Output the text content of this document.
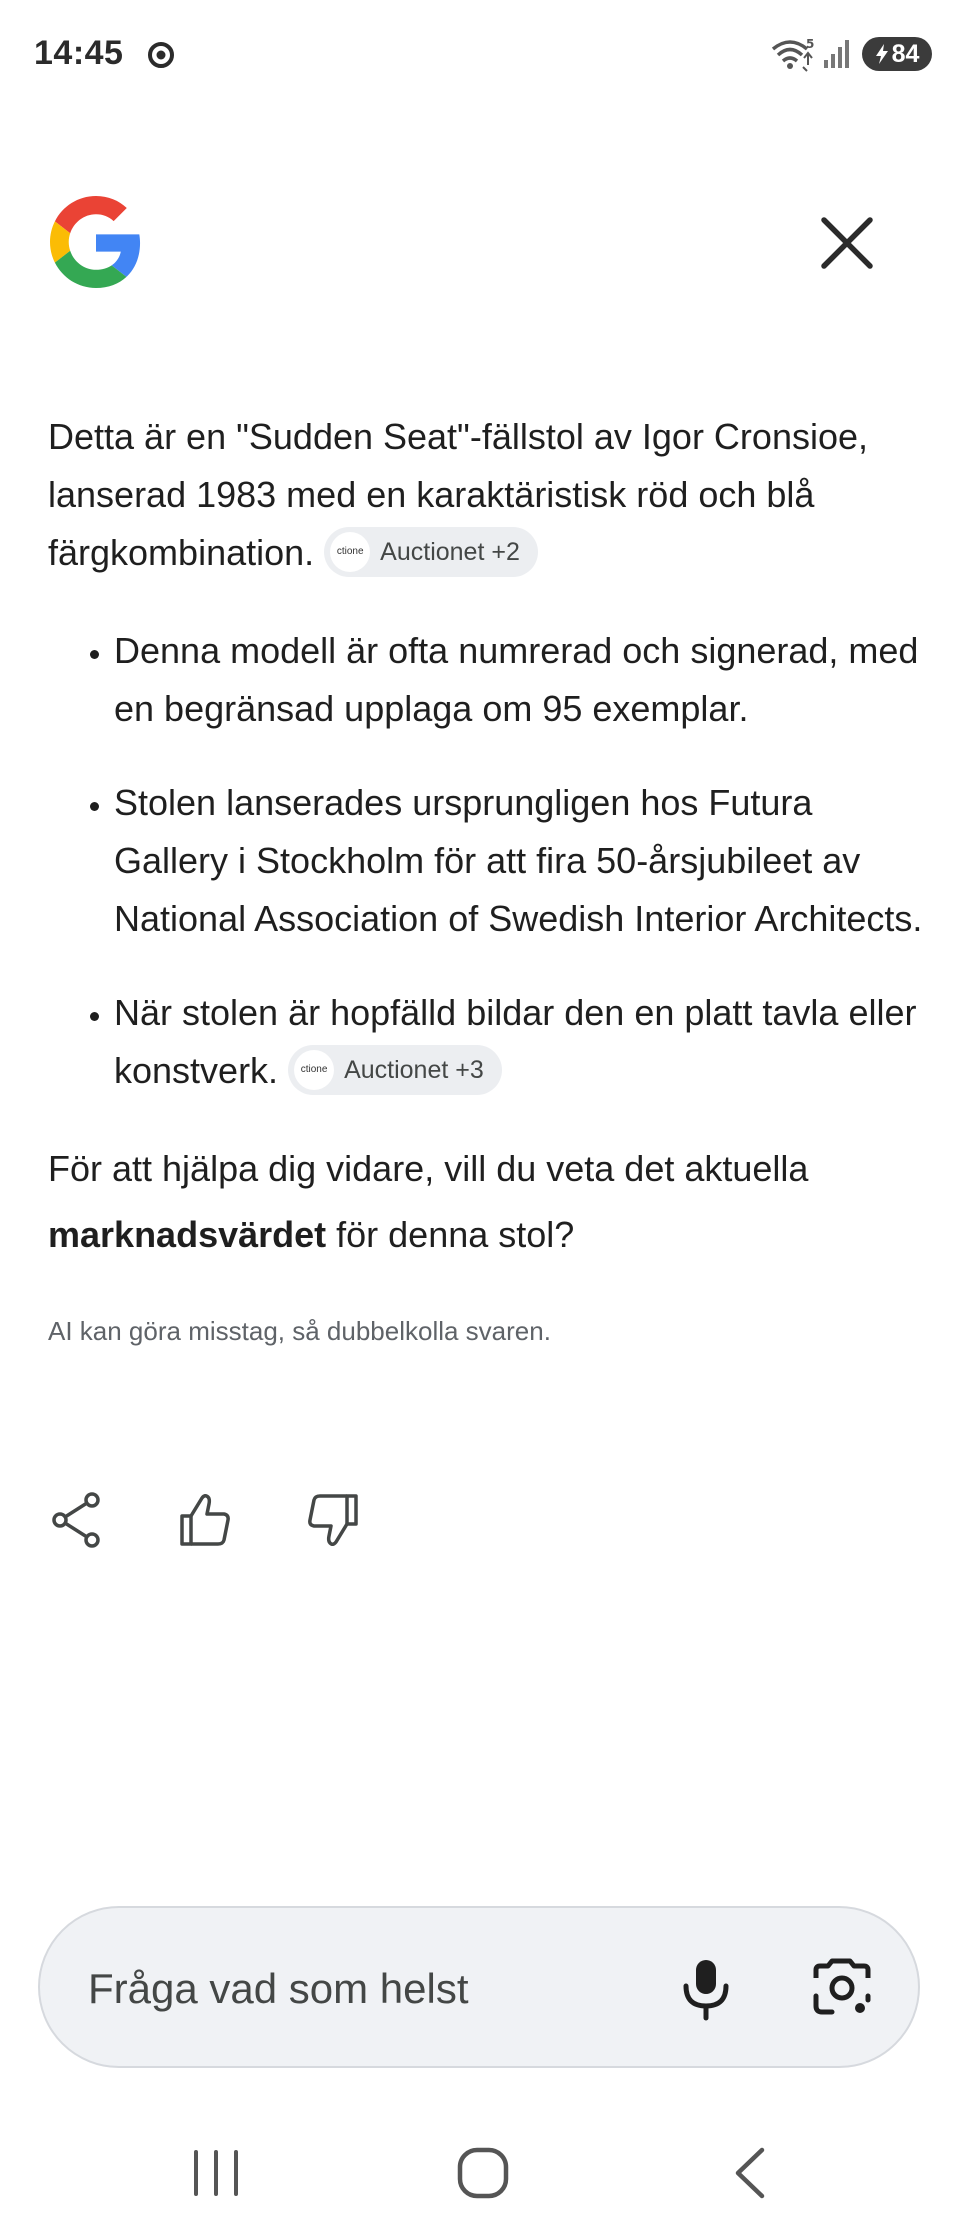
14:45	5	84

Detta är en "Sudden Seat"-fällstol av Igor Cronsioe, lanserad 1983 med en karaktäristisk röd och blå färgkombination.	ctione Auctionet +2

• Denna modell är ofta numrerad och signerad, med en begränsad upplaga om 95 exemplar.
• Stolen lanserades ursprungligen hos Futura Gallery i Stockholm för att fira 50-årsjubileet av National Association of Swedish Interior Architects.
• När stolen är hopfälld bildar den en platt tavla eller konstverk.	ctione Auctionet +3

För att hjälpa dig vidare, vill du veta det aktuella marknadsvärdet för denna stol?

AI kan göra misstag, så dubbelkolla svaren.
Fråga vad som helst
